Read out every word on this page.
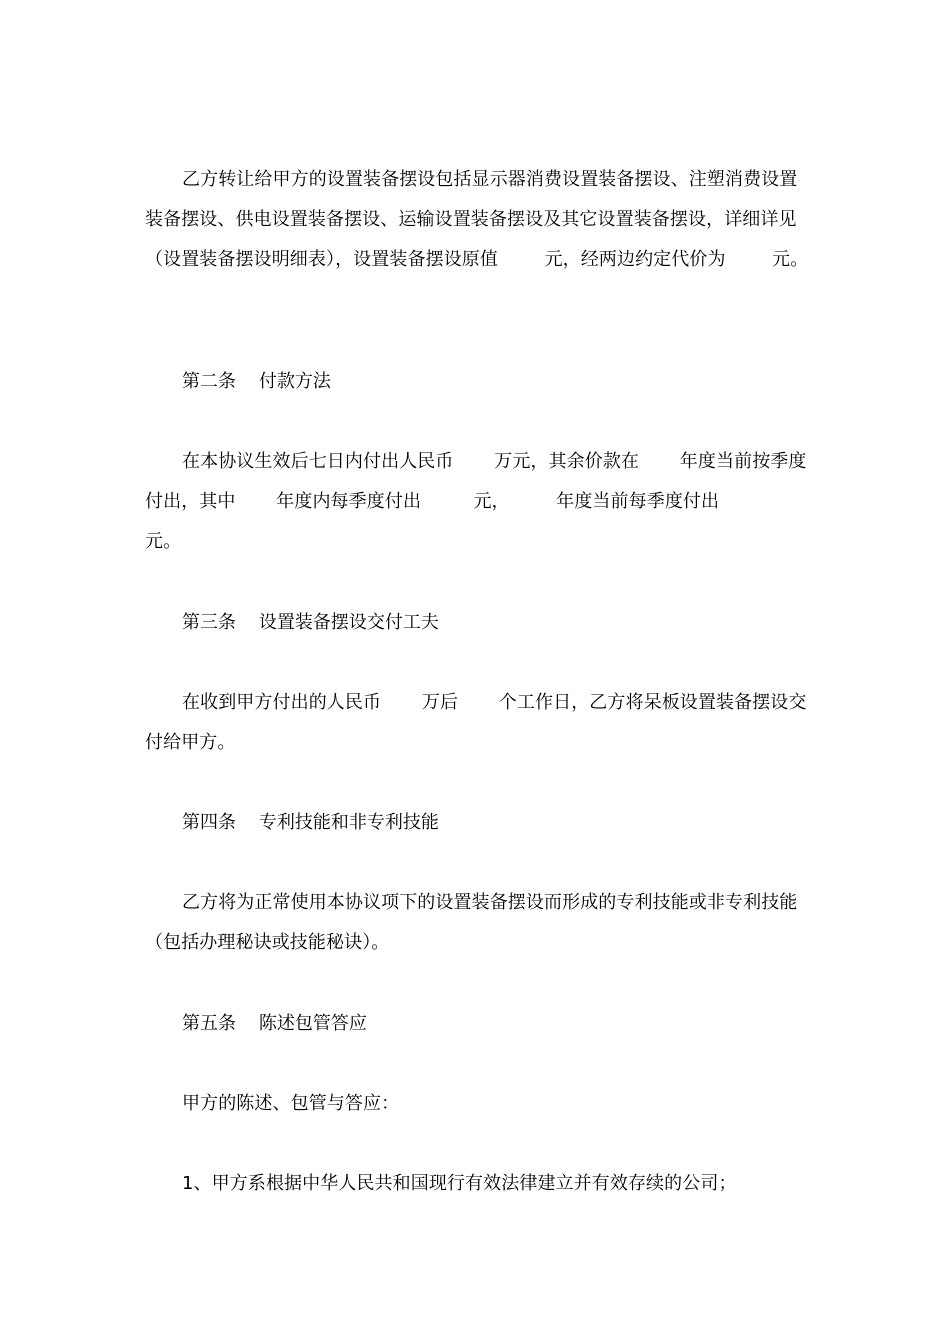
乙方转让给甲方的设置装备摆设包括显示器消费设置装备摆设、注塑消费设置装备摆设、供电设置装备摆设、运输设置装备摆设及其它设置装备摆设，详细详见（设置装备摆设明细表），设置装备摆设原值        元，经两边约定代价为        元。
第二条    付款方法
在本协议生效后七日内付出人民币       万元，其余价款在       年度当前按季度付出，其中       年度内每季度付出         元，        年度当前每季度付出              元。
第三条    设置装备摆设交付工夫
在收到甲方付出的人民币       万后       个工作日，乙方将呆板设置装备摆设交付给甲方。
第四条    专利技能和非专利技能
乙方将为正常使用本协议项下的设置装备摆设而形成的专利技能或非专利技能（包括办理秘诀或技能秘诀）。
第五条    陈述包管答应
甲方的陈述、包管与答应：
1、甲方系根据中华人民共和国现行有效法律建立并有效存续的公司；
